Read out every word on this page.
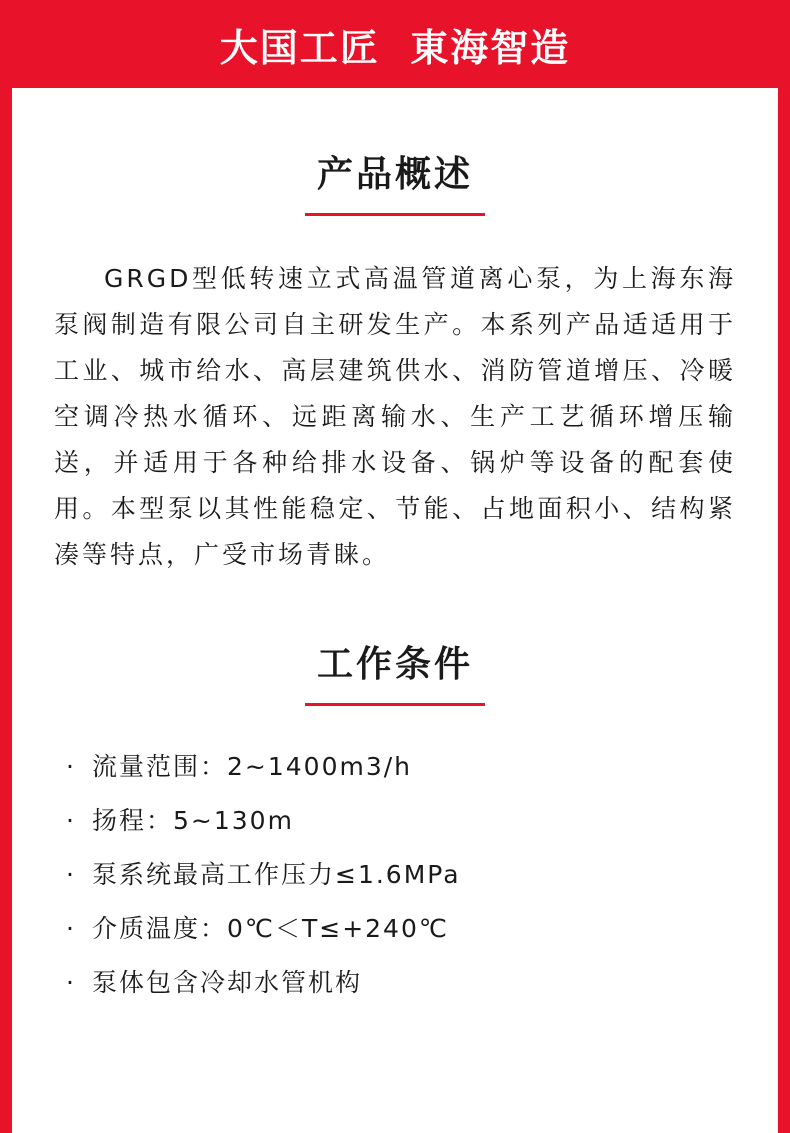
大国工匠  東海智造
产品概述

GRGD型低转速立式高温管道离心泵，为上海东海泵阀制造有限公司自主研发生产。本系列产品适适用于工业、城市给水、高层建筑供水、消防管道增压、冷暖空调冷热水循环、远距离输水、生产工艺循环增压输送，并适用于各种给排水设备、锅炉等设备的配套使用。本型泵以其性能稳定、节能、占地面积小、结构紧凑等特点，广受市场青睐。

工作条件
· 流量范围：2~1400m3/h
· 扬程：5~130m
· 泵系统最高工作压力≤1.6MPa
· 介质温度：0℃＜T≤+240℃
· 泵体包含冷却水管机构
